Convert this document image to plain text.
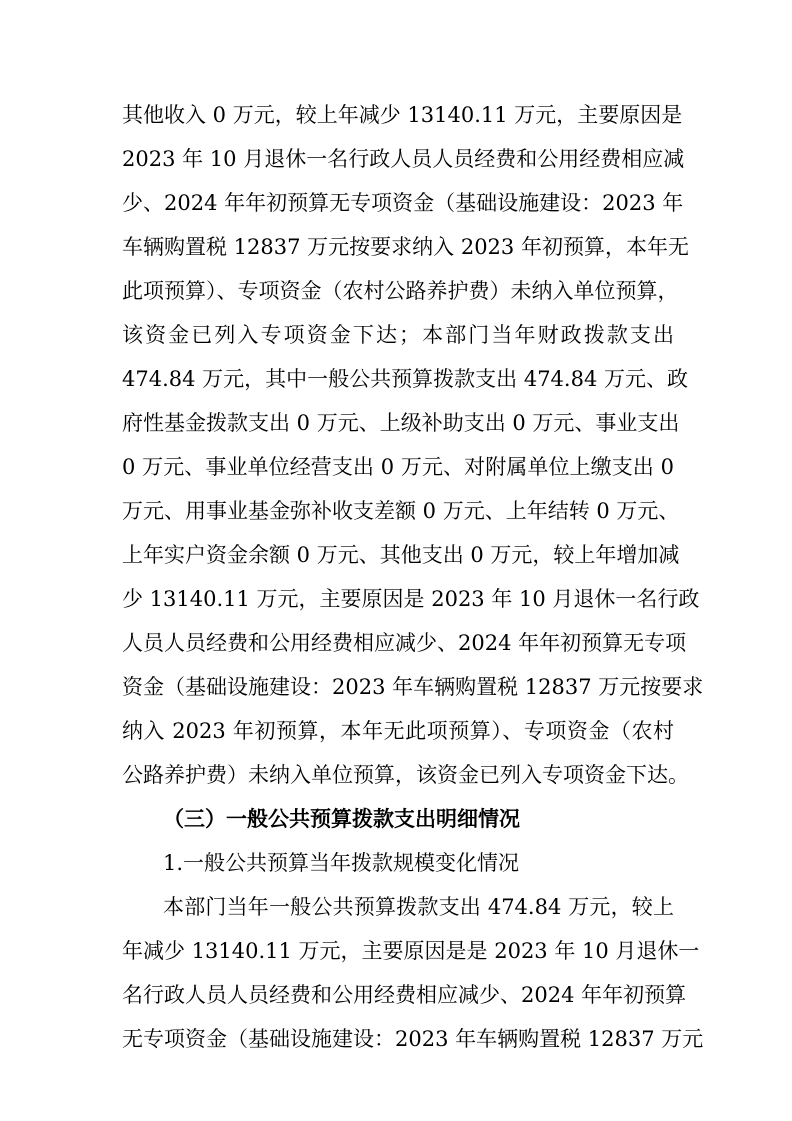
其他收入 0 万元，较上年减少 13140.11 万元，主要原因是
2023 年 10 月退休一名行政人员人员经费和公用经费相应减
少、2024 年年初预算无专项资金（基础设施建设：2023 年
车辆购置税 12837 万元按要求纳入 2023 年初预算，本年无
此项预算）、专项资金（农村公路养护费）未纳入单位预算，
该资金已列入专项资金下达；本部门当年财政拨款支出
474.84 万元，其中一般公共预算拨款支出 474.84 万元、政
府性基金拨款支出 0 万元、上级补助支出 0 万元、事业支出
0 万元、事业单位经营支出 0 万元、对附属单位上缴支出 0
万元、用事业基金弥补收支差额 0 万元、上年结转 0 万元、
上年实户资金余额 0 万元、其他支出 0 万元，较上年增加减
少 13140.11 万元，主要原因是 2023 年 10 月退休一名行政
人员人员经费和公用经费相应减少、2024 年年初预算无专项
资金（基础设施建设：2023 年车辆购置税 12837 万元按要求
纳入 2023 年初预算，本年无此项预算）、专项资金（农村
公路养护费）未纳入单位预算，该资金已列入专项资金下达。
（三）一般公共预算拨款支出明细情况
1.一般公共预算当年拨款规模变化情况
本部门当年一般公共预算拨款支出 474.84 万元，较上
年减少 13140.11 万元，主要原因是是 2023 年 10 月退休一
名行政人员人员经费和公用经费相应减少、2024 年年初预算
无专项资金（基础设施建设：2023 年车辆购置税 12837 万元
